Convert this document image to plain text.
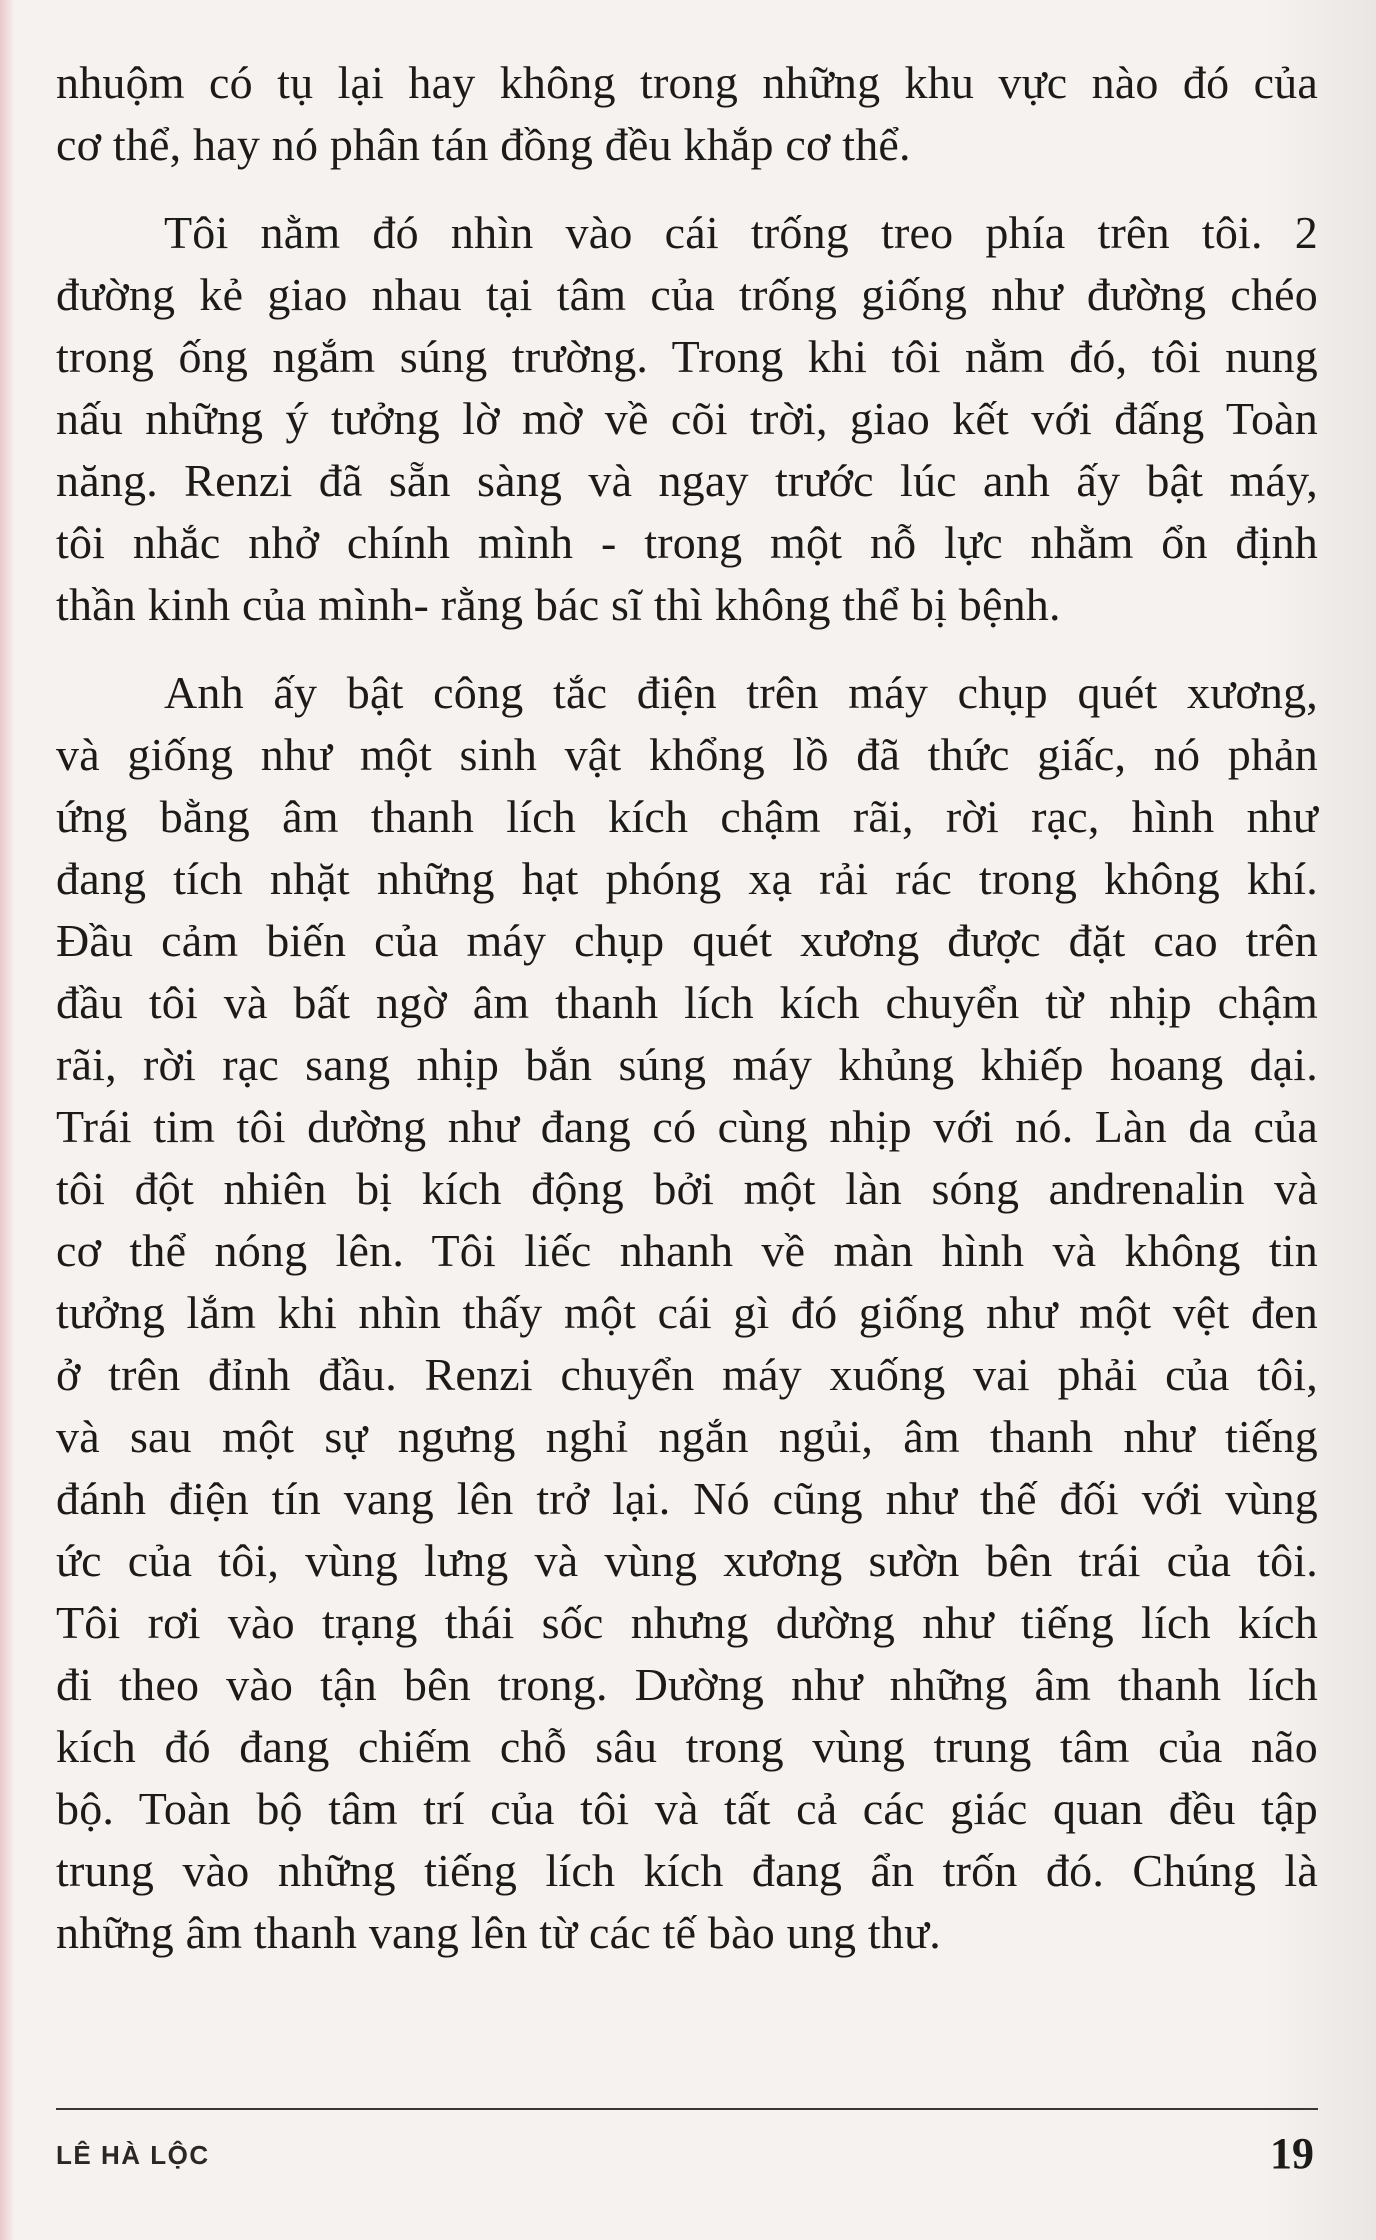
nhuộm có tụ lại hay không trong những khu vực nào đó của
cơ thể, hay nó phân tán đồng đều khắp cơ thể.
Tôi nằm đó nhìn vào cái trống treo phía trên tôi. 2
đường kẻ giao nhau tại tâm của trống giống như đường chéo
trong ống ngắm súng trường. Trong khi tôi nằm đó, tôi nung
nấu những ý tưởng lờ mờ về cõi trời, giao kết với đấng Toàn
năng. Renzi đã sẵn sàng và ngay trước lúc anh ấy bật máy,
tôi nhắc nhở chính mình - trong một nỗ lực nhằm ổn định
thần kinh của mình- rằng bác sĩ thì không thể bị bệnh.
Anh ấy bật công tắc điện trên máy chụp quét xương,
và giống như một sinh vật khổng lồ đã thức giấc, nó phản
ứng bằng âm thanh lích kích chậm rãi, rời rạc, hình như
đang tích nhặt những hạt phóng xạ rải rác trong không khí.
Đầu cảm biến của máy chụp quét xương được đặt cao trên
đầu tôi và bất ngờ âm thanh lích kích chuyển từ nhịp chậm
rãi, rời rạc sang nhịp bắn súng máy khủng khiếp hoang dại.
Trái tim tôi dường như đang có cùng nhịp với nó. Làn da của
tôi đột nhiên bị kích động bởi một làn sóng andrenalin và
cơ thể nóng lên. Tôi liếc nhanh về màn hình và không tin
tưởng lắm khi nhìn thấy một cái gì đó giống như một vệt đen
ở trên đỉnh đầu. Renzi chuyển máy xuống vai phải của tôi,
và sau một sự ngưng nghỉ ngắn ngủi, âm thanh như tiếng
đánh điện tín vang lên trở lại. Nó cũng như thế đối với vùng
ức của tôi, vùng lưng và vùng xương sườn bên trái của tôi.
Tôi rơi vào trạng thái sốc nhưng dường như tiếng lích kích
đi theo vào tận bên trong. Dường như những âm thanh lích
kích đó đang chiếm chỗ sâu trong vùng trung tâm của não
bộ. Toàn bộ tâm trí của tôi và tất cả các giác quan đều tập
trung vào những tiếng lích kích đang ẩn trốn đó. Chúng là
những âm thanh vang lên từ các tế bào ung thư.
LÊ HÀ LỘC	19
